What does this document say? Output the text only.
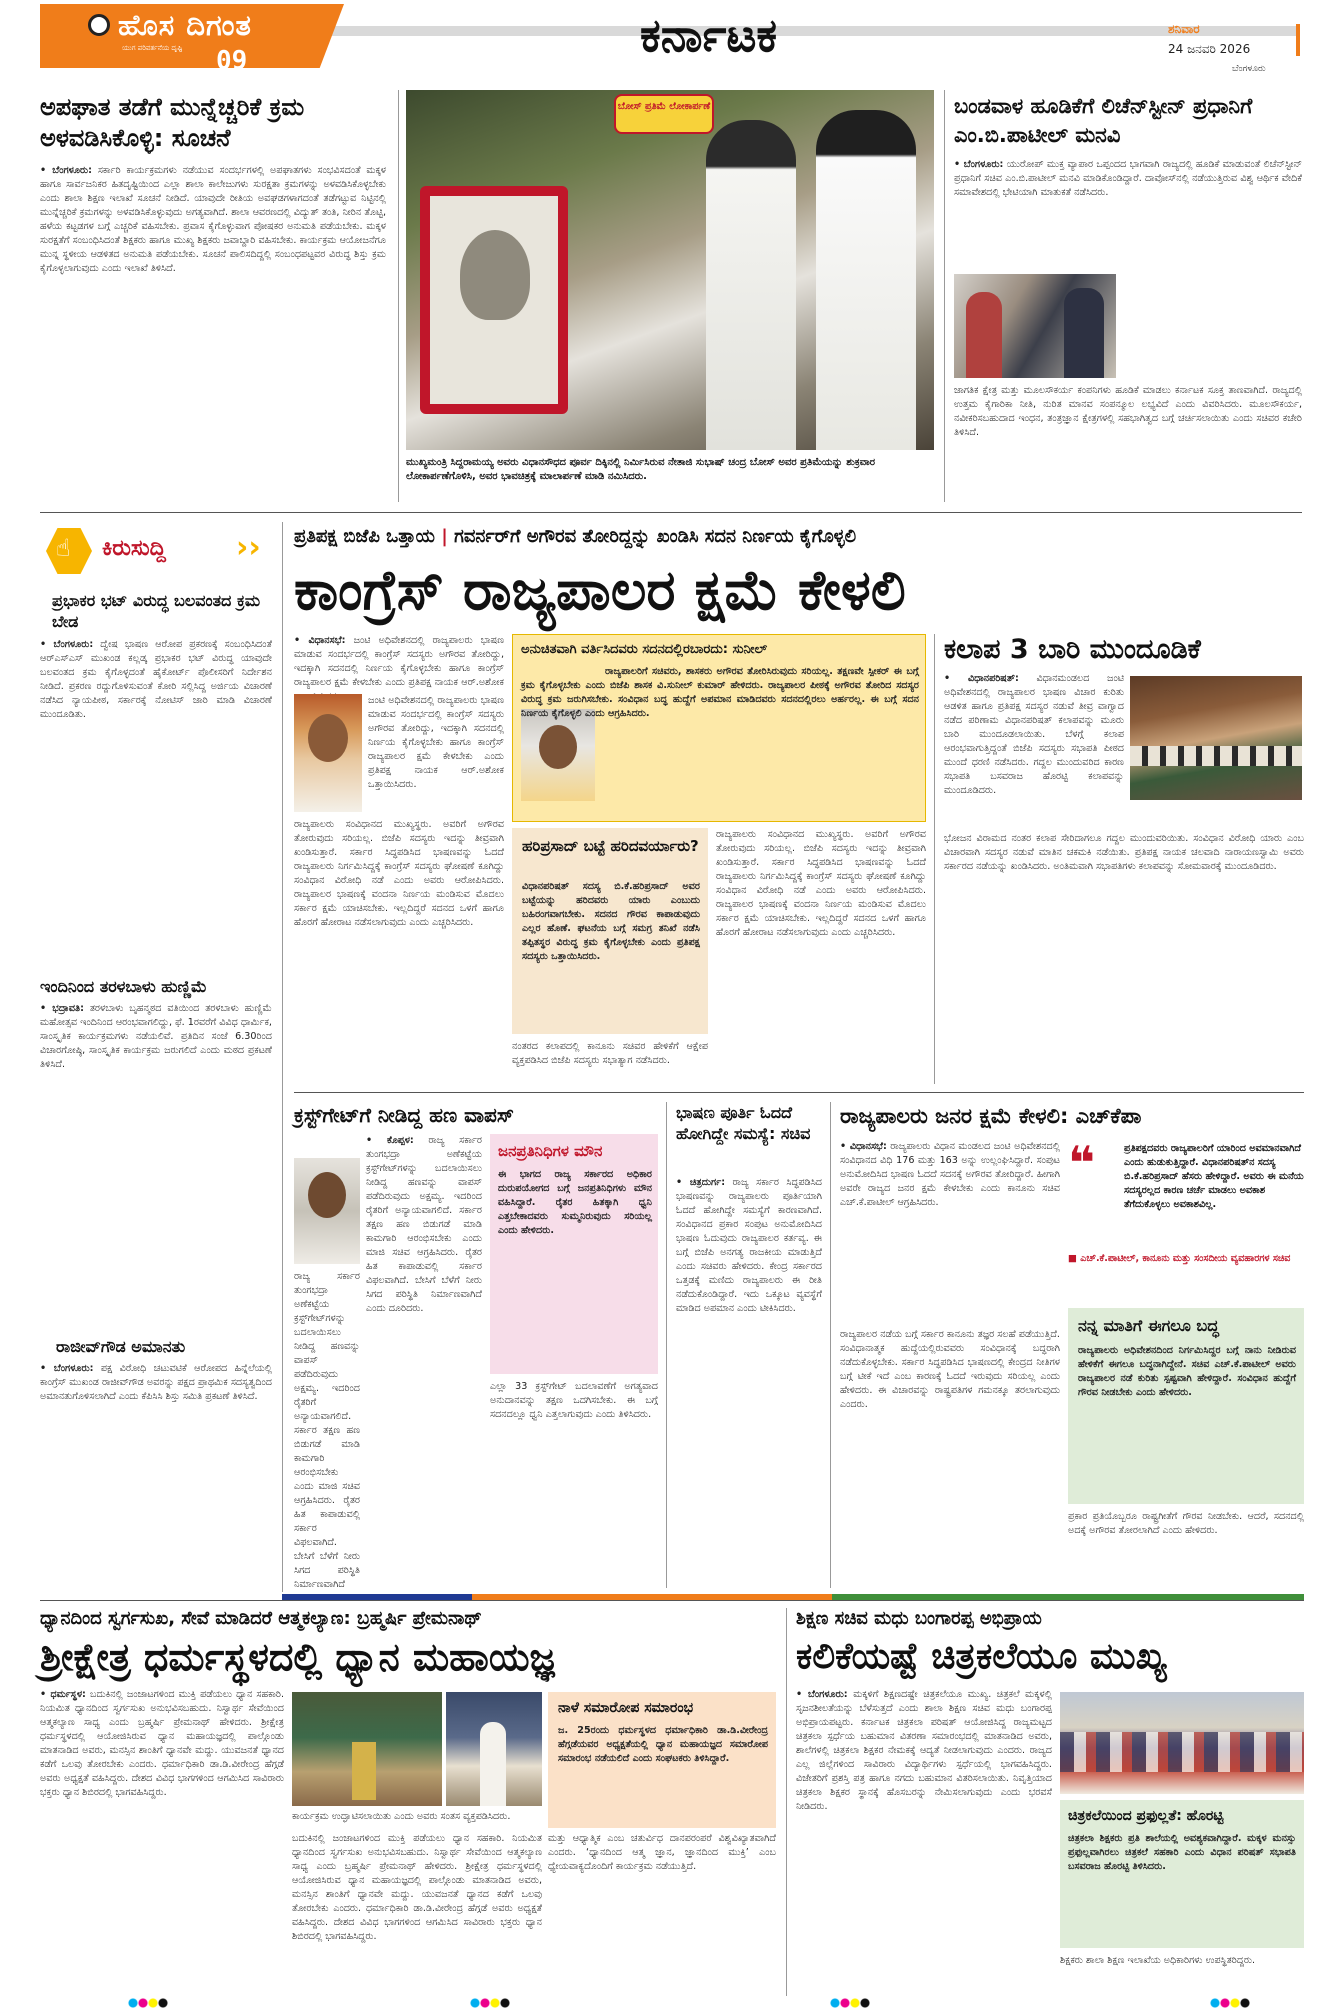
ಹೊಸ ದಿಗಂತ
ಯುಗ ಪರಿವರ್ತನೆಯ ದೃಷ್ಟಿ 09	ಕರ್ನಾಟಕ	ಶನಿವಾರ
24 ಜನವರಿ 2026
ಬೆಂಗಳೂರು
ಅಪಘಾತ ತಡೆಗೆ ಮುನ್ನೆಚ್ಚರಿಕೆ ಕ್ರಮ ಅಳವಡಿಸಿಕೊಳ್ಳಿ: ಸೂಚನೆ
• ಬೆಂಗಳೂರು: ಸರ್ಕಾರಿ ಕಾರ್ಯಕ್ರಮಗಳು ನಡೆಯುವ ಸಂದರ್ಭಗಳಲ್ಲಿ ಅಪಘಾತಗಳು ಸಂಭವಿಸದಂತೆ ಮಕ್ಕಳ ಹಾಗೂ ಸಾರ್ವಜನಿಕರ ಹಿತದೃಷ್ಟಿಯಿಂದ ಎಲ್ಲಾ ಶಾಲಾ ಕಾಲೇಜುಗಳು ಸುರಕ್ಷತಾ ಕ್ರಮಗಳನ್ನು ಅಳವಡಿಸಿಕೊಳ್ಳಬೇಕು ಎಂದು ಶಾಲಾ ಶಿಕ್ಷಣ ಇಲಾಖೆ ಸೂಚನೆ ನೀಡಿದೆ. ಯಾವುದೇ ರೀತಿಯ ಅವಘಡಗಳಾಗದಂತೆ ತಡೆಗಟ್ಟುವ ನಿಟ್ಟಿನಲ್ಲಿ ಮುನ್ನೆಚ್ಚರಿಕೆ ಕ್ರಮಗಳನ್ನು ಅಳವಡಿಸಿಕೊಳ್ಳುವುದು ಅಗತ್ಯವಾಗಿದೆ. ಶಾಲಾ ಆವರಣದಲ್ಲಿ ವಿದ್ಯುತ್ ತಂತಿ, ನೀರಿನ ತೊಟ್ಟಿ, ಹಳೆಯ ಕಟ್ಟಡಗಳ ಬಗ್ಗೆ ಎಚ್ಚರಿಕೆ ವಹಿಸಬೇಕು. ಪ್ರವಾಸ ಕೈಗೊಳ್ಳುವಾಗ ಪೋಷಕರ ಅನುಮತಿ ಪಡೆಯಬೇಕು. ಮಕ್ಕಳ ಸುರಕ್ಷತೆಗೆ ಸಂಬಂಧಿಸಿದಂತೆ ಶಿಕ್ಷಕರು ಹಾಗೂ ಮುಖ್ಯ ಶಿಕ್ಷಕರು ಜವಾಬ್ದಾರಿ ವಹಿಸಬೇಕು. ಕಾರ್ಯಕ್ರಮ ಆಯೋಜನೆಗೂ ಮುನ್ನ ಸ್ಥಳೀಯ ಆಡಳಿತದ ಅನುಮತಿ ಪಡೆಯಬೇಕು. ಸೂಚನೆ ಪಾಲಿಸದಿದ್ದಲ್ಲಿ ಸಂಬಂಧಪಟ್ಟವರ ವಿರುದ್ಧ ಶಿಸ್ತು ಕ್ರಮ ಕೈಗೊಳ್ಳಲಾಗುವುದು ಎಂದು ಇಲಾಖೆ ತಿಳಿಸಿದೆ.
ಬೋಸ್ ಪ್ರತಿಮೆ ಲೋಕಾರ್ಪಣೆ
ಮುಖ್ಯಮಂತ್ರಿ ಸಿದ್ದರಾಮಯ್ಯ ಅವರು ವಿಧಾನಸೌಧದ ಪೂರ್ವ ದಿಕ್ಕಿನಲ್ಲಿ ನಿರ್ಮಿಸಿರುವ ನೇತಾಜಿ ಸುಭಾಷ್ ಚಂದ್ರ ಬೋಸ್ ಅವರ ಪ್ರತಿಮೆಯನ್ನು ಶುಕ್ರವಾರ ಲೋಕಾರ್ಪಣೆಗೊಳಿಸಿ, ಅವರ ಭಾವಚಿತ್ರಕ್ಕೆ ಮಾಲಾರ್ಪಣೆ ಮಾಡಿ ನಮಿಸಿದರು.
ಬಂಡವಾಳ ಹೂಡಿಕೆಗೆ ಲಿಚೆನ್‌ಸ್ಟೀನ್ ಪ್ರಧಾನಿಗೆ ಎಂ.ಬಿ.ಪಾಟೀಲ್ ಮನವಿ
• ಬೆಂಗಳೂರು: ಯುರೋಪ್ ಮುಕ್ತ ವ್ಯಾಪಾರ ಒಪ್ಪಂದದ ಭಾಗವಾಗಿ ರಾಜ್ಯದಲ್ಲಿ ಹೂಡಿಕೆ ಮಾಡುವಂತೆ ಲಿಚೆನ್‌ಸ್ಟೀನ್ ಪ್ರಧಾನಿಗೆ ಸಚಿವ ಎಂ.ಬಿ.ಪಾಟೀಲ್ ಮನವಿ ಮಾಡಿಕೊಂಡಿದ್ದಾರೆ. ದಾವೋಸ್‌ನಲ್ಲಿ ನಡೆಯುತ್ತಿರುವ ವಿಶ್ವ ಆರ್ಥಿಕ ವೇದಿಕೆ ಸಮಾವೇಶದಲ್ಲಿ ಭೇಟಿಯಾಗಿ ಮಾತುಕತೆ ನಡೆಸಿದರು.
ಜಾಗತಿಕ ಕ್ಷೇತ್ರ ಮತ್ತು ಮೂಲಸೌಕರ್ಯ ಕಂಪನಿಗಳು ಹೂಡಿಕೆ ಮಾಡಲು ಕರ್ನಾಟಕ ಸೂಕ್ತ ತಾಣವಾಗಿದೆ. ರಾಜ್ಯದಲ್ಲಿ ಉತ್ತಮ ಕೈಗಾರಿಕಾ ನೀತಿ, ನುರಿತ ಮಾನವ ಸಂಪನ್ಮೂಲ ಲಭ್ಯವಿದೆ ಎಂದು ವಿವರಿಸಿದರು. ಮೂಲಸೌಕರ್ಯ, ನವೀಕರಿಸಬಹುದಾದ ಇಂಧನ, ತಂತ್ರಜ್ಞಾನ ಕ್ಷೇತ್ರಗಳಲ್ಲಿ ಸಹಭಾಗಿತ್ವದ ಬಗ್ಗೆ ಚರ್ಚಿಸಲಾಯಿತು ಎಂದು ಸಚಿವರ ಕಚೇರಿ ತಿಳಿಸಿದೆ.
☝ ಕಿರುಸುದ್ದಿ ››
ಪ್ರಭಾಕರ ಭಟ್ ವಿರುದ್ಧ ಬಲವಂತದ ಕ್ರಮ ಬೇಡ
• ಬೆಂಗಳೂರು: ದ್ವೇಷ ಭಾಷಣ ಆರೋಪ ಪ್ರಕರಣಕ್ಕೆ ಸಂಬಂಧಿಸಿದಂತೆ ಆರ್‌ಎಸ್‌ಎಸ್ ಮುಖಂಡ ಕಲ್ಲಡ್ಕ ಪ್ರಭಾಕರ ಭಟ್ ವಿರುದ್ಧ ಯಾವುದೇ ಬಲವಂತದ ಕ್ರಮ ಕೈಗೊಳ್ಳದಂತೆ ಹೈಕೋರ್ಟ್ ಪೊಲೀಸರಿಗೆ ನಿರ್ದೇಶನ ನೀಡಿದೆ. ಪ್ರಕರಣ ರದ್ದುಗೊಳಿಸುವಂತೆ ಕೋರಿ ಸಲ್ಲಿಸಿದ್ದ ಅರ್ಜಿಯ ವಿಚಾರಣೆ ನಡೆಸಿದ ನ್ಯಾಯಪೀಠ, ಸರ್ಕಾರಕ್ಕೆ ನೋಟಿಸ್ ಜಾರಿ ಮಾಡಿ ವಿಚಾರಣೆ ಮುಂದೂಡಿತು.
ಇಂದಿನಿಂದ ತರಳಬಾಳು ಹುಣ್ಣಿಮೆ
• ಭದ್ರಾವತಿ: ತರಳಬಾಳು ಬೃಹನ್ಮಠದ ವತಿಯಿಂದ ತರಳಬಾಳು ಹುಣ್ಣಿಮೆ ಮಹೋತ್ಸವ ಇಂದಿನಿಂದ ಆರಂಭವಾಗಲಿದ್ದು, ಫೆ. 1ರವರೆಗೆ ವಿವಿಧ ಧಾರ್ಮಿಕ, ಸಾಂಸ್ಕೃತಿಕ ಕಾರ್ಯಕ್ರಮಗಳು ನಡೆಯಲಿವೆ. ಪ್ರತಿದಿನ ಸಂಜೆ 6.30ರಿಂದ ವಿಚಾರಗೋಷ್ಠಿ, ಸಾಂಸ್ಕೃತಿಕ ಕಾರ್ಯಕ್ರಮ ಜರುಗಲಿದೆ ಎಂದು ಮಠದ ಪ್ರಕಟಣೆ ತಿಳಿಸಿದೆ.
ರಾಜೀವ್‌ಗೌಡ ಅಮಾನತು
• ಬೆಂಗಳೂರು: ಪಕ್ಷ ವಿರೋಧಿ ಚಟುವಟಿಕೆ ಆರೋಪದ ಹಿನ್ನೆಲೆಯಲ್ಲಿ ಕಾಂಗ್ರೆಸ್ ಮುಖಂಡ ರಾಜೀವ್‌ಗೌಡ ಅವರನ್ನು ಪಕ್ಷದ ಪ್ರಾಥಮಿಕ ಸದಸ್ಯತ್ವದಿಂದ ಅಮಾನತುಗೊಳಿಸಲಾಗಿದೆ ಎಂದು ಕೆಪಿಸಿಸಿ ಶಿಸ್ತು ಸಮಿತಿ ಪ್ರಕಟಣೆ ತಿಳಿಸಿದೆ.
ಪ್ರತಿಪಕ್ಷ ಬಿಜೆಪಿ ಒತ್ತಾಯ | ಗವರ್ನರ್‌ಗೆ ಅಗೌರವ ತೋರಿದ್ದನ್ನು ಖಂಡಿಸಿ ಸದನ ನಿರ್ಣಯ ಕೈಗೊಳ್ಳಲಿ
ಕಾಂಗ್ರೆಸ್ ರಾಜ್ಯಪಾಲರ ಕ್ಷಮೆ ಕೇಳಲಿ
• ವಿಧಾನಸಭೆ: ಜಂಟಿ ಅಧಿವೇಶನದಲ್ಲಿ ರಾಜ್ಯಪಾಲರು ಭಾಷಣ ಮಾಡುವ ಸಂದರ್ಭದಲ್ಲಿ ಕಾಂಗ್ರೆಸ್ ಸದಸ್ಯರು ಅಗೌರವ ತೋರಿದ್ದು, ಇದಕ್ಕಾಗಿ ಸದನದಲ್ಲಿ ನಿರ್ಣಯ ಕೈಗೊಳ್ಳಬೇಕು ಹಾಗೂ ಕಾಂಗ್ರೆಸ್ ರಾಜ್ಯಪಾಲರ ಕ್ಷಮೆ ಕೇಳಬೇಕು ಎಂದು ಪ್ರತಿಪಕ್ಷ ನಾಯಕ ಆರ್.ಅಶೋಕ
ಜಂಟಿ ಅಧಿವೇಶನದಲ್ಲಿ ರಾಜ್ಯಪಾಲರು ಭಾಷಣ ಮಾಡುವ ಸಂದರ್ಭದಲ್ಲಿ ಕಾಂಗ್ರೆಸ್ ಸದಸ್ಯರು ಅಗೌರವ ತೋರಿದ್ದು, ಇದಕ್ಕಾಗಿ ಸದನದಲ್ಲಿ ನಿರ್ಣಯ ಕೈಗೊಳ್ಳಬೇಕು ಹಾಗೂ ಕಾಂಗ್ರೆಸ್ ರಾಜ್ಯಪಾಲರ ಕ್ಷಮೆ ಕೇಳಬೇಕು ಎಂದು ಪ್ರತಿಪಕ್ಷ ನಾಯಕ ಆರ್.ಅಶೋಕ ಒತ್ತಾಯಿಸಿದರು.
ರಾಜ್ಯಪಾಲರು ಸಂವಿಧಾನದ ಮುಖ್ಯಸ್ಥರು. ಅವರಿಗೆ ಅಗೌರವ ತೋರುವುದು ಸರಿಯಲ್ಲ. ಬಿಜೆಪಿ ಸದಸ್ಯರು ಇದನ್ನು ತೀವ್ರವಾಗಿ ಖಂಡಿಸುತ್ತಾರೆ. ಸರ್ಕಾರ ಸಿದ್ಧಪಡಿಸಿದ ಭಾಷಣವನ್ನು ಓದದೆ ರಾಜ್ಯಪಾಲರು ನಿರ್ಗಮಿಸಿದ್ದಕ್ಕೆ ಕಾಂಗ್ರೆಸ್ ಸದಸ್ಯರು ಘೋಷಣೆ ಕೂಗಿದ್ದು ಸಂವಿಧಾನ ವಿರೋಧಿ ನಡೆ ಎಂದು ಅವರು ಆರೋಪಿಸಿದರು. ರಾಜ್ಯಪಾಲರ ಭಾಷಣಕ್ಕೆ ವಂದನಾ ನಿರ್ಣಯ ಮಂಡಿಸುವ ಮೊದಲು ಸರ್ಕಾರ ಕ್ಷಮೆ ಯಾಚಿಸಬೇಕು. ಇಲ್ಲದಿದ್ದರೆ ಸದನದ ಒಳಗೆ ಹಾಗೂ ಹೊರಗೆ ಹೋರಾಟ ನಡೆಸಲಾಗುವುದು ಎಂದು ಎಚ್ಚರಿಸಿದರು.
ಅನುಚಿತವಾಗಿ ವರ್ತಿಸಿದವರು ಸದನದಲ್ಲಿರಬಾರದು: ಸುನೀಲ್
ರಾಜ್ಯಪಾಲರಿಗೆ ಸಚಿವರು, ಶಾಸಕರು ಅಗೌರವ ತೋರಿಸಿರುವುದು ಸರಿಯಲ್ಲ. ತಕ್ಷಣವೇ ಸ್ಪೀಕರ್ ಈ ಬಗ್ಗೆ ಕ್ರಮ ಕೈಗೊಳ್ಳಬೇಕು ಎಂದು ಬಿಜೆಪಿ ಶಾಸಕ ವಿ.ಸುನೀಲ್ ಕುಮಾರ್ ಹೇಳಿದರು. ರಾಜ್ಯಪಾಲರ ಪೀಠಕ್ಕೆ ಅಗೌರವ ತೋರಿದ ಸದಸ್ಯರ ವಿರುದ್ಧ ಕ್ರಮ ಜರುಗಿಸಬೇಕು. ಸಂವಿಧಾನ ಬದ್ಧ ಹುದ್ದೆಗೆ ಅಪಮಾನ ಮಾಡಿದವರು ಸದನದಲ್ಲಿರಲು ಅರ್ಹರಲ್ಲ. ಈ ಬಗ್ಗೆ ಸದನ ನಿರ್ಣಯ ಕೈಗೊಳ್ಳಲಿ ಎಂದು ಆಗ್ರಹಿಸಿದರು.
ಹರಿಪ್ರಸಾದ್ ಬಟ್ಟೆ ಹರಿದವರ್ಯಾರು?
ವಿಧಾನಪರಿಷತ್ ಸದಸ್ಯ ಬಿ.ಕೆ.ಹರಿಪ್ರಸಾದ್ ಅವರ ಬಟ್ಟೆಯನ್ನು ಹರಿದವರು ಯಾರು ಎಂಬುದು ಬಹಿರಂಗವಾಗಬೇಕು. ಸದನದ ಗೌರವ ಕಾಪಾಡುವುದು ಎಲ್ಲರ ಹೊಣೆ. ಘಟನೆಯ ಬಗ್ಗೆ ಸಮಗ್ರ ತನಿಖೆ ನಡೆಸಿ ತಪ್ಪಿತಸ್ಥರ ವಿರುದ್ಧ ಕ್ರಮ ಕೈಗೊಳ್ಳಬೇಕು ಎಂದು ಪ್ರತಿಪಕ್ಷ ಸದಸ್ಯರು ಒತ್ತಾಯಿಸಿದರು.
ನಂತರದ ಕಲಾಪದಲ್ಲಿ ಕಾನೂನು ಸಚಿವರ ಹೇಳಿಕೆಗೆ ಆಕ್ಷೇಪ ವ್ಯಕ್ತಪಡಿಸಿದ ಬಿಜೆಪಿ ಸದಸ್ಯರು ಸಭಾತ್ಯಾಗ ನಡೆಸಿದರು.
ರಾಜ್ಯಪಾಲರು ಸಂವಿಧಾನದ ಮುಖ್ಯಸ್ಥರು. ಅವರಿಗೆ ಅಗೌರವ ತೋರುವುದು ಸರಿಯಲ್ಲ. ಬಿಜೆಪಿ ಸದಸ್ಯರು ಇದನ್ನು ತೀವ್ರವಾಗಿ ಖಂಡಿಸುತ್ತಾರೆ. ಸರ್ಕಾರ ಸಿದ್ಧಪಡಿಸಿದ ಭಾಷಣವನ್ನು ಓದದೆ ರಾಜ್ಯಪಾಲರು ನಿರ್ಗಮಿಸಿದ್ದಕ್ಕೆ ಕಾಂಗ್ರೆಸ್ ಸದಸ್ಯರು ಘೋಷಣೆ ಕೂಗಿದ್ದು ಸಂವಿಧಾನ ವಿರೋಧಿ ನಡೆ ಎಂದು ಅವರು ಆರೋಪಿಸಿದರು. ರಾಜ್ಯಪಾಲರ ಭಾಷಣಕ್ಕೆ ವಂದನಾ ನಿರ್ಣಯ ಮಂಡಿಸುವ ಮೊದಲು ಸರ್ಕಾರ ಕ್ಷಮೆ ಯಾಚಿಸಬೇಕು. ಇಲ್ಲದಿದ್ದರೆ ಸದನದ ಒಳಗೆ ಹಾಗೂ ಹೊರಗೆ ಹೋರಾಟ ನಡೆಸಲಾಗುವುದು ಎಂದು ಎಚ್ಚರಿಸಿದರು.
ಕಲಾಪ 3 ಬಾರಿ ಮುಂದೂಡಿಕೆ
• ವಿಧಾನಪರಿಷತ್: ವಿಧಾನಮಂಡಲದ ಜಂಟಿ ಅಧಿವೇಶನದಲ್ಲಿ ರಾಜ್ಯಪಾಲರ ಭಾಷಣ ವಿಚಾರ ಕುರಿತು ಆಡಳಿತ ಹಾಗೂ ಪ್ರತಿಪಕ್ಷ ಸದಸ್ಯರ ನಡುವೆ ತೀವ್ರ ವಾಗ್ವಾದ ನಡೆದ ಪರಿಣಾಮ ವಿಧಾನಪರಿಷತ್ ಕಲಾಪವನ್ನು ಮೂರು ಬಾರಿ ಮುಂದೂಡಲಾಯಿತು. ಬೆಳಗ್ಗೆ ಕಲಾಪ ಆರಂಭವಾಗುತ್ತಿದ್ದಂತೆ ಬಿಜೆಪಿ ಸದಸ್ಯರು ಸಭಾಪತಿ ಪೀಠದ ಮುಂದೆ ಧರಣಿ ನಡೆಸಿದರು. ಗದ್ದಲ ಮುಂದುವರಿದ ಕಾರಣ ಸಭಾಪತಿ ಬಸವರಾಜ ಹೊರಟ್ಟಿ ಕಲಾಪವನ್ನು ಮುಂದೂಡಿದರು.
ಭೋಜನ ವಿರಾಮದ ನಂತರ ಕಲಾಪ ಸೇರಿದಾಗಲೂ ಗದ್ದಲ ಮುಂದುವರಿಯಿತು. ಸಂವಿಧಾನ ವಿರೋಧಿ ಯಾರು ಎಂಬ ವಿಚಾರವಾಗಿ ಸದಸ್ಯರ ನಡುವೆ ಮಾತಿನ ಚಕಮಕಿ ನಡೆಯಿತು. ಪ್ರತಿಪಕ್ಷ ನಾಯಕ ಚಲವಾದಿ ನಾರಾಯಣಸ್ವಾಮಿ ಅವರು ಸರ್ಕಾರದ ನಡೆಯನ್ನು ಖಂಡಿಸಿದರು. ಅಂತಿಮವಾಗಿ ಸಭಾಪತಿಗಳು ಕಲಾಪವನ್ನು ಸೋಮವಾರಕ್ಕೆ ಮುಂದೂಡಿದರು.
ಕ್ರಸ್ಟ್‌ಗೇಟ್‌ಗೆ ನೀಡಿದ್ದ ಹಣ ವಾಪಸ್
• ಕೊಪ್ಪಳ: ರಾಜ್ಯ ಸರ್ಕಾರ ತುಂಗಭದ್ರಾ ಅಣೆಕಟ್ಟೆಯ ಕ್ರಸ್ಟ್‌ಗೇಟ್‌ಗಳನ್ನು ಬದಲಾಯಿಸಲು ನೀಡಿದ್ದ ಹಣವನ್ನು ವಾಪಸ್ ಪಡೆದಿರುವುದು ಅಕ್ಷಮ್ಯ. ಇದರಿಂದ ರೈತರಿಗೆ ಅನ್ಯಾಯವಾಗಲಿದೆ. ಸರ್ಕಾರ ತಕ್ಷಣ ಹಣ ಬಿಡುಗಡೆ ಮಾಡಿ ಕಾಮಗಾರಿ ಆರಂಭಿಸಬೇಕು ಎಂದು ಮಾಜಿ ಸಚಿವ ಆಗ್ರಹಿಸಿದರು. ರೈತರ ಹಿತ ಕಾಪಾಡುವಲ್ಲಿ ಸರ್ಕಾರ ವಿಫಲವಾಗಿದೆ. ಬೇಸಿಗೆ ಬೆಳೆಗೆ ನೀರು ಸಿಗದ ಪರಿಸ್ಥಿತಿ ನಿರ್ಮಾಣವಾಗಿದೆ ಎಂದು ದೂರಿದರು.
ರಾಜ್ಯ ಸರ್ಕಾರ ತುಂಗಭದ್ರಾ ಅಣೆಕಟ್ಟೆಯ ಕ್ರಸ್ಟ್‌ಗೇಟ್‌ಗಳನ್ನು ಬದಲಾಯಿಸಲು ನೀಡಿದ್ದ ಹಣವನ್ನು ವಾಪಸ್ ಪಡೆದಿರುವುದು ಅಕ್ಷಮ್ಯ. ಇದರಿಂದ ರೈತರಿಗೆ ಅನ್ಯಾಯವಾಗಲಿದೆ. ಸರ್ಕಾರ ತಕ್ಷಣ ಹಣ ಬಿಡುಗಡೆ ಮಾಡಿ ಕಾಮಗಾರಿ ಆರಂಭಿಸಬೇಕು ಎಂದು ಮಾಜಿ ಸಚಿವ ಆಗ್ರಹಿಸಿದರು. ರೈತರ ಹಿತ ಕಾಪಾಡುವಲ್ಲಿ ಸರ್ಕಾರ ವಿಫಲವಾಗಿದೆ. ಬೇಸಿಗೆ ಬೆಳೆಗೆ ನೀರು ಸಿಗದ ಪರಿಸ್ಥಿತಿ ನಿರ್ಮಾಣವಾಗಿದೆ
ಜನಪ್ರತಿನಿಧಿಗಳ ಮೌನ
ಈ ಭಾಗದ ರಾಜ್ಯ ಸರ್ಕಾರದ ಅಧಿಕಾರ ದುರುಪಯೋಗದ ಬಗ್ಗೆ ಜನಪ್ರತಿನಿಧಿಗಳು ಮೌನ ವಹಿಸಿದ್ದಾರೆ. ರೈತರ ಹಿತಕ್ಕಾಗಿ ಧ್ವನಿ ಎತ್ತಬೇಕಾದವರು ಸುಮ್ಮನಿರುವುದು ಸರಿಯಲ್ಲ ಎಂದು ಹೇಳಿದರು.
ಎಲ್ಲಾ 33 ಕ್ರಸ್ಟ್‌ಗೇಟ್ ಬದಲಾವಣೆಗೆ ಅಗತ್ಯವಾದ ಅನುದಾನವನ್ನು ತಕ್ಷಣ ಒದಗಿಸಬೇಕು. ಈ ಬಗ್ಗೆ ಸದನದಲ್ಲೂ ಧ್ವನಿ ಎತ್ತಲಾಗುವುದು ಎಂದು ತಿಳಿಸಿದರು.
ಭಾಷಣ ಪೂರ್ತಿ ಓದದೆ ಹೋಗಿದ್ದೇ ಸಮಸ್ಯೆ: ಸಚಿವ
• ಚಿತ್ರದುರ್ಗ: ರಾಜ್ಯ ಸರ್ಕಾರ ಸಿದ್ಧಪಡಿಸಿದ ಭಾಷಣವನ್ನು ರಾಜ್ಯಪಾಲರು ಪೂರ್ತಿಯಾಗಿ ಓದದೆ ಹೋಗಿದ್ದೇ ಸಮಸ್ಯೆಗೆ ಕಾರಣವಾಗಿದೆ. ಸಂವಿಧಾನದ ಪ್ರಕಾರ ಸಂಪುಟ ಅನುಮೋದಿಸಿದ ಭಾಷಣ ಓದುವುದು ರಾಜ್ಯಪಾಲರ ಕರ್ತವ್ಯ. ಈ ಬಗ್ಗೆ ಬಿಜೆಪಿ ಅನಗತ್ಯ ರಾಜಕೀಯ ಮಾಡುತ್ತಿದೆ ಎಂದು ಸಚಿವರು ಹೇಳಿದರು. ಕೇಂದ್ರ ಸರ್ಕಾರದ ಒತ್ತಡಕ್ಕೆ ಮಣಿದು ರಾಜ್ಯಪಾಲರು ಈ ರೀತಿ ನಡೆದುಕೊಂಡಿದ್ದಾರೆ. ಇದು ಒಕ್ಕೂಟ ವ್ಯವಸ್ಥೆಗೆ ಮಾಡಿದ ಅಪಮಾನ ಎಂದು ಟೀಕಿಸಿದರು.
ರಾಜ್ಯಪಾಲರು ಜನರ ಕ್ಷಮೆ ಕೇಳಲಿ: ಎಚ್‌ಕೆಪಾ
• ವಿಧಾನಸಭೆ: ರಾಜ್ಯಪಾಲರು ವಿಧಾನ ಮಂಡಲದ ಜಂಟಿ ಅಧಿವೇಶನದಲ್ಲಿ ಸಂವಿಧಾನದ ವಿಧಿ 176 ಮತ್ತು 163 ಅನ್ನು ಉಲ್ಲಂಘಿಸಿದ್ದಾರೆ. ಸಂಪುಟ ಅನುಮೋದಿಸಿದ ಭಾಷಣ ಓದದೆ ಸದನಕ್ಕೆ ಅಗೌರವ ತೋರಿದ್ದಾರೆ. ಹೀಗಾಗಿ ಅವರೇ ರಾಜ್ಯದ ಜನರ ಕ್ಷಮೆ ಕೇಳಬೇಕು ಎಂದು ಕಾನೂನು ಸಚಿವ ಎಚ್.ಕೆ.ಪಾಟೀಲ್ ಆಗ್ರಹಿಸಿದರು.
❝	ಪ್ರತಿಪಕ್ಷದವರು ರಾಜ್ಯಪಾಲರಿಗೆ ಯಾರಿಂದ ಅವಮಾನವಾಗಿದೆ ಎಂದು ಹುಡುಕುತ್ತಿದ್ದಾರೆ. ವಿಧಾನಪರಿಷತ್‌ನ ಸದಸ್ಯ ಬಿ.ಕೆ.ಹರಿಪ್ರಸಾದ್ ಹೆಸರು ಹೇಳಿದ್ದಾರೆ. ಅವರು ಈ ಮನೆಯ ಸದಸ್ಯರಲ್ಲದ ಕಾರಣ ಚರ್ಚೆ ಮಾಡಲು ಅವಕಾಶ ತೆಗೆದುಕೊಳ್ಳಲು ಅವಕಾಶವಿಲ್ಲ.
■ ಎಚ್.ಕೆ.ಪಾಟೀಲ್, ಕಾನೂನು ಮತ್ತು ಸಂಸದೀಯ ವ್ಯವಹಾರಗಳ ಸಚಿವ
ರಾಜ್ಯಪಾಲರ ನಡೆಯ ಬಗ್ಗೆ ಸರ್ಕಾರ ಕಾನೂನು ತಜ್ಞರ ಸಲಹೆ ಪಡೆಯುತ್ತಿದೆ. ಸಂವಿಧಾನಾತ್ಮಕ ಹುದ್ದೆಯಲ್ಲಿರುವವರು ಸಂವಿಧಾನಕ್ಕೆ ಬದ್ಧರಾಗಿ ನಡೆದುಕೊಳ್ಳಬೇಕು. ಸರ್ಕಾರ ಸಿದ್ಧಪಡಿಸಿದ ಭಾಷಣದಲ್ಲಿ ಕೇಂದ್ರದ ನೀತಿಗಳ ಬಗ್ಗೆ ಟೀಕೆ ಇದೆ ಎಂಬ ಕಾರಣಕ್ಕೆ ಓದದೆ ಇರುವುದು ಸರಿಯಲ್ಲ ಎಂದು ಹೇಳಿದರು. ಈ ವಿಚಾರವನ್ನು ರಾಷ್ಟ್ರಪತಿಗಳ ಗಮನಕ್ಕೂ ತರಲಾಗುವುದು ಎಂದರು.
ನನ್ನ ಮಾತಿಗೆ ಈಗಲೂ ಬದ್ಧ
ರಾಜ್ಯಪಾಲರು ಅಧಿವೇಶನದಿಂದ ನಿರ್ಗಮಿಸಿದ್ದರ ಬಗ್ಗೆ ನಾನು ನೀಡಿರುವ ಹೇಳಿಕೆಗೆ ಈಗಲೂ ಬದ್ಧನಾಗಿದ್ದೇನೆ. ಸಚಿವ ಎಚ್.ಕೆ.ಪಾಟೀಲ್ ಅವರು ರಾಜ್ಯಪಾಲರ ನಡೆ ಕುರಿತು ಸ್ಪಷ್ಟವಾಗಿ ಹೇಳಿದ್ದಾರೆ. ಸಂವಿಧಾನ ಹುದ್ದೆಗೆ ಗೌರವ ನೀಡಬೇಕು ಎಂದು ಹೇಳಿದರು.
ಪ್ರಕಾರ ಪ್ರತಿಯೊಬ್ಬರೂ ರಾಷ್ಟ್ರಗೀತೆಗೆ ಗೌರವ ನೀಡಬೇಕು. ಆದರೆ, ಸದನದಲ್ಲಿ ಅದಕ್ಕೆ ಅಗೌರವ ತೋರಲಾಗಿದೆ ಎಂದು ಹೇಳಿದರು.
ಧ್ಯಾನದಿಂದ ಸ್ವರ್ಗಸುಖ, ಸೇವೆ ಮಾಡಿದರೆ ಆತ್ಮಕಲ್ಯಾಣ: ಬ್ರಹ್ಮರ್ಷಿ ಪ್ರೇಮನಾಥ್
ಶ್ರೀಕ್ಷೇತ್ರ ಧರ್ಮಸ್ಥಳದಲ್ಲಿ ಧ್ಯಾನ ಮಹಾಯಜ್ಞ
• ಧರ್ಮಸ್ಥಳ: ಬದುಕಿನಲ್ಲಿ ಜಂಜಾಟಗಳಿಂದ ಮುಕ್ತಿ ಪಡೆಯಲು ಧ್ಯಾನ ಸಹಕಾರಿ. ನಿಯಮಿತ ಧ್ಯಾನದಿಂದ ಸ್ವರ್ಗಸುಖ ಅನುಭವಿಸಬಹುದು. ನಿಸ್ವಾರ್ಥ ಸೇವೆಯಿಂದ ಆತ್ಮಕಲ್ಯಾಣ ಸಾಧ್ಯ ಎಂದು ಬ್ರಹ್ಮರ್ಷಿ ಪ್ರೇಮನಾಥ್ ಹೇಳಿದರು. ಶ್ರೀಕ್ಷೇತ್ರ ಧರ್ಮಸ್ಥಳದಲ್ಲಿ ಆಯೋಜಿಸಿರುವ ಧ್ಯಾನ ಮಹಾಯಜ್ಞದಲ್ಲಿ ಪಾಲ್ಗೊಂಡು ಮಾತನಾಡಿದ ಅವರು, ಮನಸ್ಸಿನ ಶಾಂತಿಗೆ ಧ್ಯಾನವೇ ಮದ್ದು. ಯುವಜನತೆ ಧ್ಯಾನದ ಕಡೆಗೆ ಒಲವು ತೋರಬೇಕು ಎಂದರು. ಧರ್ಮಾಧಿಕಾರಿ ಡಾ.ಡಿ.ವೀರೇಂದ್ರ ಹೆಗ್ಗಡೆ ಅವರು ಅಧ್ಯಕ್ಷತೆ ವಹಿಸಿದ್ದರು. ದೇಶದ ವಿವಿಧ ಭಾಗಗಳಿಂದ ಆಗಮಿಸಿದ ಸಾವಿರಾರು ಭಕ್ತರು ಧ್ಯಾನ ಶಿಬಿರದಲ್ಲಿ ಭಾಗವಹಿಸಿದ್ದರು.
ಕಾರ್ಯಕ್ರಮ ಉದ್ಘಾಟಿಸಲಾಯಿತು ಎಂದು ಅವರು ಸಂತಸ ವ್ಯಕ್ತಪಡಿಸಿದರು.
ನಾಳೆ ಸಮಾರೋಪ ಸಮಾರಂಭ
ಜ. 25ರಂದು ಧರ್ಮಸ್ಥಳದ ಧರ್ಮಾಧಿಕಾರಿ ಡಾ.ಡಿ.ವೀರೇಂದ್ರ ಹೆಗ್ಗಡೆಯವರ ಅಧ್ಯಕ್ಷತೆಯಲ್ಲಿ ಧ್ಯಾನ ಮಹಾಯಜ್ಞದ ಸಮಾರೋಪ ಸಮಾರಂಭ ನಡೆಯಲಿದೆ ಎಂದು ಸಂಘಟಕರು ತಿಳಿಸಿದ್ದಾರೆ.
ಬದುಕಿನಲ್ಲಿ ಜಂಜಾಟಗಳಿಂದ ಮುಕ್ತಿ ಪಡೆಯಲು ಧ್ಯಾನ ಸಹಕಾರಿ. ನಿಯಮಿತ ಧ್ಯಾನದಿಂದ ಸ್ವರ್ಗಸುಖ ಅನುಭವಿಸಬಹುದು. ನಿಸ್ವಾರ್ಥ ಸೇವೆಯಿಂದ ಆತ್ಮಕಲ್ಯಾಣ ಸಾಧ್ಯ ಎಂದು ಬ್ರಹ್ಮರ್ಷಿ ಪ್ರೇಮನಾಥ್ ಹೇಳಿದರು. ಶ್ರೀಕ್ಷೇತ್ರ ಧರ್ಮಸ್ಥಳದಲ್ಲಿ ಆಯೋಜಿಸಿರುವ ಧ್ಯಾನ ಮಹಾಯಜ್ಞದಲ್ಲಿ ಪಾಲ್ಗೊಂಡು ಮಾತನಾಡಿದ ಅವರು, ಮನಸ್ಸಿನ ಶಾಂತಿಗೆ ಧ್ಯಾನವೇ ಮದ್ದು. ಯುವಜನತೆ ಧ್ಯಾನದ ಕಡೆಗೆ ಒಲವು ತೋರಬೇಕು ಎಂದರು. ಧರ್ಮಾಧಿಕಾರಿ ಡಾ.ಡಿ.ವೀರೇಂದ್ರ ಹೆಗ್ಗಡೆ ಅವರು ಅಧ್ಯಕ್ಷತೆ ವಹಿಸಿದ್ದರು. ದೇಶದ ವಿವಿಧ ಭಾಗಗಳಿಂದ ಆಗಮಿಸಿದ ಸಾವಿರಾರು ಭಕ್ತರು ಧ್ಯಾನ ಶಿಬಿರದಲ್ಲಿ ಭಾಗವಹಿಸಿದ್ದರು.
ಮತ್ತು ಆಧ್ಯಾತ್ಮಿಕ ಎಂಬ ಚತುರ್ವಿಧ ದಾನಪರಂಪರೆ ವಿಶ್ವವಿಖ್ಯಾತವಾಗಿದೆ ಎಂದರು. ‘ಧ್ಯಾನದಿಂದ ಆತ್ಮ ಜ್ಞಾನ, ಜ್ಞಾನದಿಂದ ಮುಕ್ತಿ’ ಎಂಬ ಧ್ಯೇಯವಾಕ್ಯದೊಂದಿಗೆ ಕಾರ್ಯಕ್ರಮ ನಡೆಯುತ್ತಿದೆ.
ಶಿಕ್ಷಣ ಸಚಿವ ಮಧು ಬಂಗಾರಪ್ಪ ಅಭಿಪ್ರಾಯ
ಕಲಿಕೆಯಷ್ಟೆ ಚಿತ್ರಕಲೆಯೂ ಮುಖ್ಯ
• ಬೆಂಗಳೂರು: ಮಕ್ಕಳಿಗೆ ಶಿಕ್ಷಣದಷ್ಟೇ ಚಿತ್ರಕಲೆಯೂ ಮುಖ್ಯ. ಚಿತ್ರಕಲೆ ಮಕ್ಕಳಲ್ಲಿ ಸೃಜನಶೀಲತೆಯನ್ನು ಬೆಳೆಸುತ್ತದೆ ಎಂದು ಶಾಲಾ ಶಿಕ್ಷಣ ಸಚಿವ ಮಧು ಬಂಗಾರಪ್ಪ ಅಭಿಪ್ರಾಯಪಟ್ಟರು. ಕರ್ನಾಟಕ ಚಿತ್ರಕಲಾ ಪರಿಷತ್ ಆಯೋಜಿಸಿದ್ದ ರಾಜ್ಯಮಟ್ಟದ ಚಿತ್ರಕಲಾ ಸ್ಪರ್ಧೆಯ ಬಹುಮಾನ ವಿತರಣಾ ಸಮಾರಂಭದಲ್ಲಿ ಮಾತನಾಡಿದ ಅವರು, ಶಾಲೆಗಳಲ್ಲಿ ಚಿತ್ರಕಲಾ ಶಿಕ್ಷಕರ ನೇಮಕಕ್ಕೆ ಆದ್ಯತೆ ನೀಡಲಾಗುವುದು ಎಂದರು. ರಾಜ್ಯದ ಎಲ್ಲ ಜಿಲ್ಲೆಗಳಿಂದ ಸಾವಿರಾರು ವಿದ್ಯಾರ್ಥಿಗಳು ಸ್ಪರ್ಧೆಯಲ್ಲಿ ಭಾಗವಹಿಸಿದ್ದರು. ವಿಜೇತರಿಗೆ ಪ್ರಶಸ್ತಿ ಪತ್ರ ಹಾಗೂ ನಗದು ಬಹುಮಾನ ವಿತರಿಸಲಾಯಿತು. ನಿವೃತ್ತಿಯಾದ ಚಿತ್ರಕಲಾ ಶಿಕ್ಷಕರ ಸ್ಥಾನಕ್ಕೆ ಹೊಸಬರನ್ನು ನೇಮಿಸಲಾಗುವುದು ಎಂದು ಭರವಸೆ ನೀಡಿದರು.
ಚಿತ್ರಕಲೆಯಿಂದ ಪ್ರಫುಲ್ಲತೆ: ಹೊರಟ್ಟಿ
ಚಿತ್ರಕಲಾ ಶಿಕ್ಷಕರು ಪ್ರತಿ ಶಾಲೆಯಲ್ಲಿ ಅವಶ್ಯಕವಾಗಿದ್ದಾರೆ. ಮಕ್ಕಳ ಮನಸ್ಸು ಪ್ರಫುಲ್ಲವಾಗಿರಲು ಚಿತ್ರಕಲೆ ಸಹಕಾರಿ ಎಂದು ವಿಧಾನ ಪರಿಷತ್ ಸಭಾಪತಿ ಬಸವರಾಜ ಹೊರಟ್ಟಿ ತಿಳಿಸಿದರು.
ಶಿಕ್ಷಕರು ಶಾಲಾ ಶಿಕ್ಷಣ ಇಲಾಖೆಯ ಅಧಿಕಾರಿಗಳು ಉಪಸ್ಥಿತರಿದ್ದರು.
